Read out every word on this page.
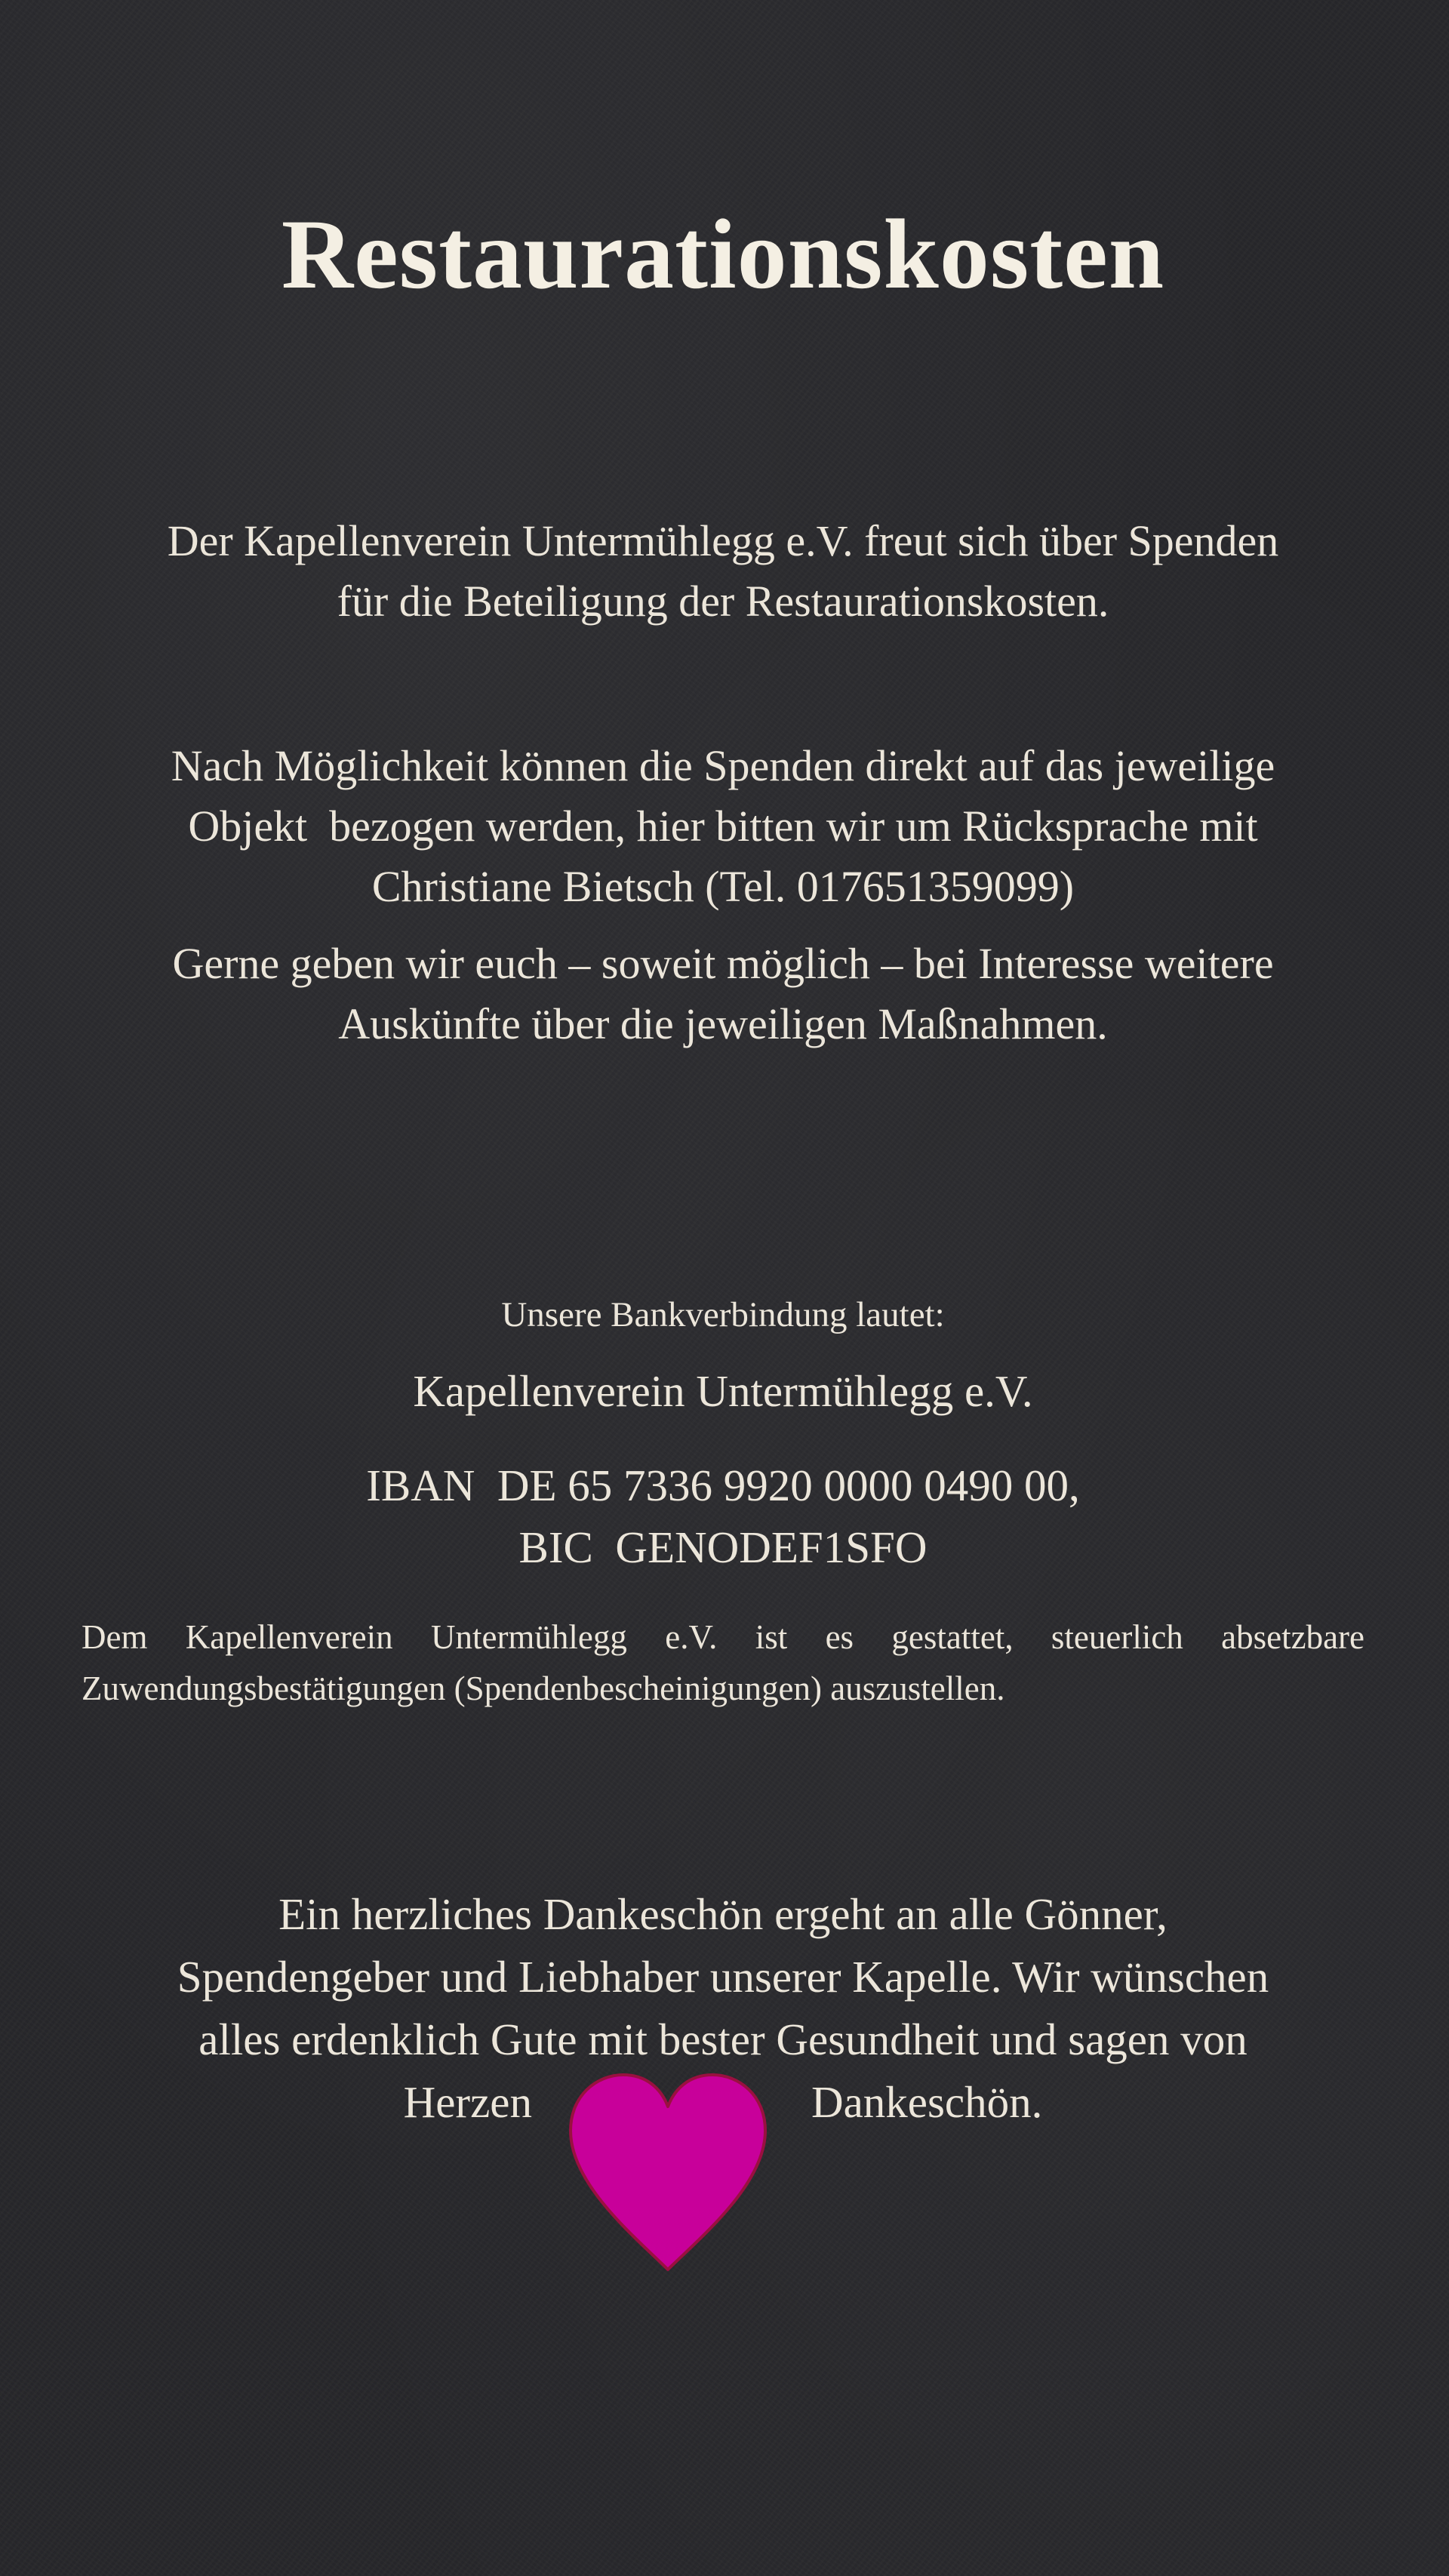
Restaurationskosten

Der Kapellenverein Untermühlegg e.V. freut sich über Spenden
für die Beteiligung der Restaurationskosten.

Nach Möglichkeit können die Spenden direkt auf das jeweilige
Objekt  bezogen werden, hier bitten wir um Rücksprache mit
Christiane Bietsch (Tel. 017651359099)

Gerne geben wir euch – soweit möglich – bei Interesse weitere
Auskünfte über die jeweiligen Maßnahmen.

Unsere Bankverbindung lautet:

Kapellenverein Untermühlegg e.V.

IBAN  DE 65 7336 9920 0000 0490 00,
BIC  GENODEF1SFO

Dem Kapellenverein Untermühlegg e.V. ist es gestattet, steuerlich absetzbare Zuwendungsbestätigungen (Spendenbescheinigungen) auszustellen.

Ein herzliches Dankeschön ergeht an alle Gönner,
Spendengeber und Liebhaber unserer Kapelle. Wir wünschen
alles erdenklich Gute mit bester Gesundheit und sagen von
Herzen	Dankeschön.
